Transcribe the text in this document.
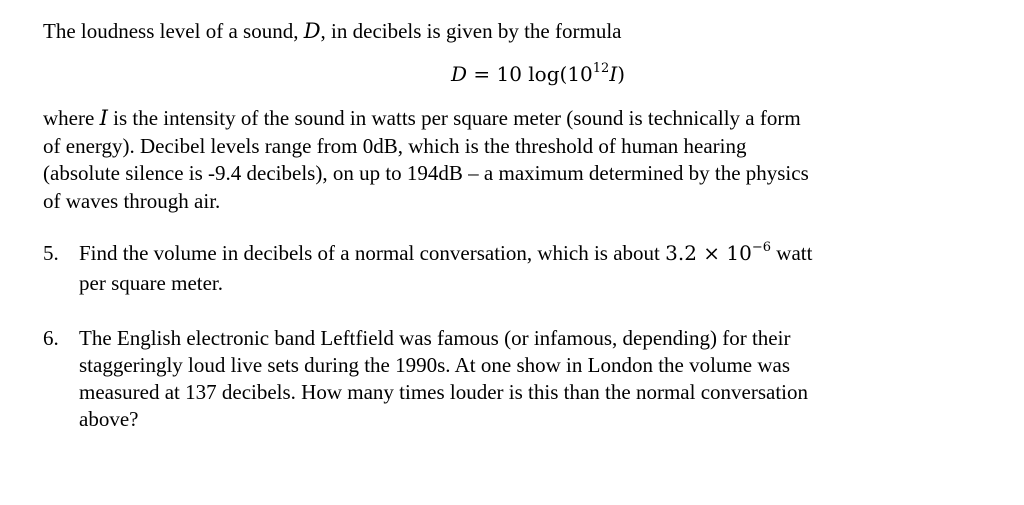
The loudness level of a sound, D, in decibels is given by the formula
D = 10 $\log(10^{12}I)$
where I is the intensity of the sound in watts per square meter (sound is technically a form
of energy). Decibel levels range from 0dB, which is the threshold of human hearing
(absolute silence is -9.4 decibels), on up to 194dB – a maximum determined by the physics
of waves through air.
5. Find the volume in decibels of a normal conversation, which is about $3.2 \times 10^{-6}$ watt
per square meter.
6. The English electronic band Leftfield was famous (or infamous, depending) for their
staggeringly loud live sets during the 1990s. At one show in London the volume was
measured at 137 decibels. How many times louder is this than the normal conversation
above?
